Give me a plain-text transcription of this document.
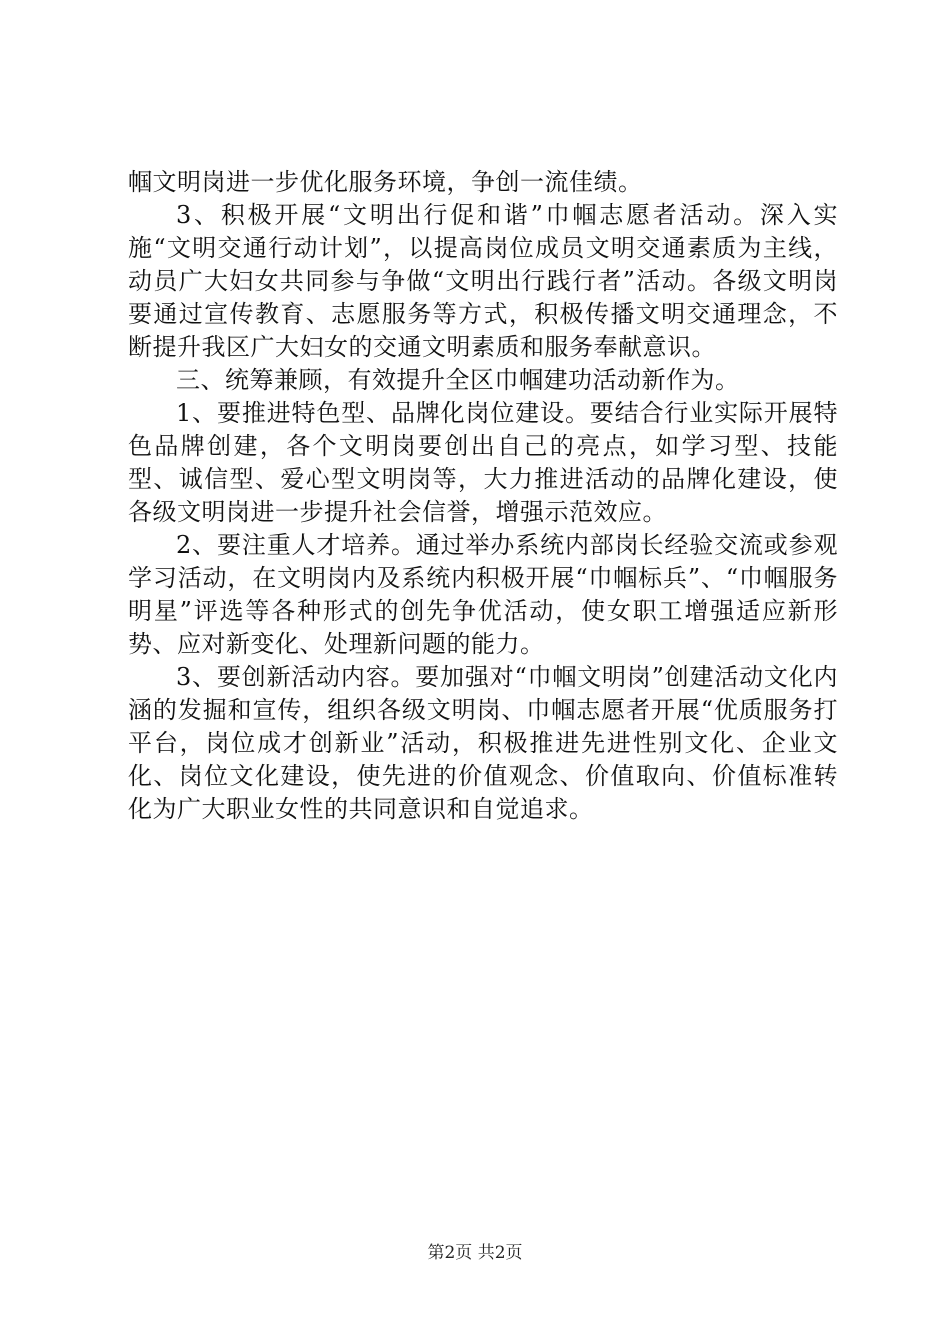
帼文明岗进一步优化服务环境，争创一流佳绩。

3、积极开展“文明出行促和谐”巾帼志愿者活动。深入实施“文明交通行动计划”，以提高岗位成员文明交通素质为主线，动员广大妇女共同参与争做“文明出行践行者”活动。各级文明岗要通过宣传教育、志愿服务等方式，积极传播文明交通理念，不断提升我区广大妇女的交通文明素质和服务奉献意识。

三、统筹兼顾，有效提升全区巾帼建功活动新作为。

1、要推进特色型、品牌化岗位建设。要结合行业实际开展特色品牌创建，各个文明岗要创出自己的亮点，如学习型、技能型、诚信型、爱心型文明岗等，大力推进活动的品牌化建设，使各级文明岗进一步提升社会信誉，增强示范效应。

2、要注重人才培养。通过举办系统内部岗长经验交流或参观学习活动，在文明岗内及系统内积极开展“巾帼标兵”、“巾帼服务明星”评选等各种形式的创先争优活动，使女职工增强适应新形势、应对新变化、处理新问题的能力。

3、要创新活动内容。要加强对“巾帼文明岗”创建活动文化内涵的发掘和宣传，组织各级文明岗、巾帼志愿者开展“优质服务打平台，岗位成才创新业”活动，积极推进先进性别文化、企业文化、岗位文化建设，使先进的价值观念、价值取向、价值标准转化为广大职业女性的共同意识和自觉追求。

第2页 共2页
